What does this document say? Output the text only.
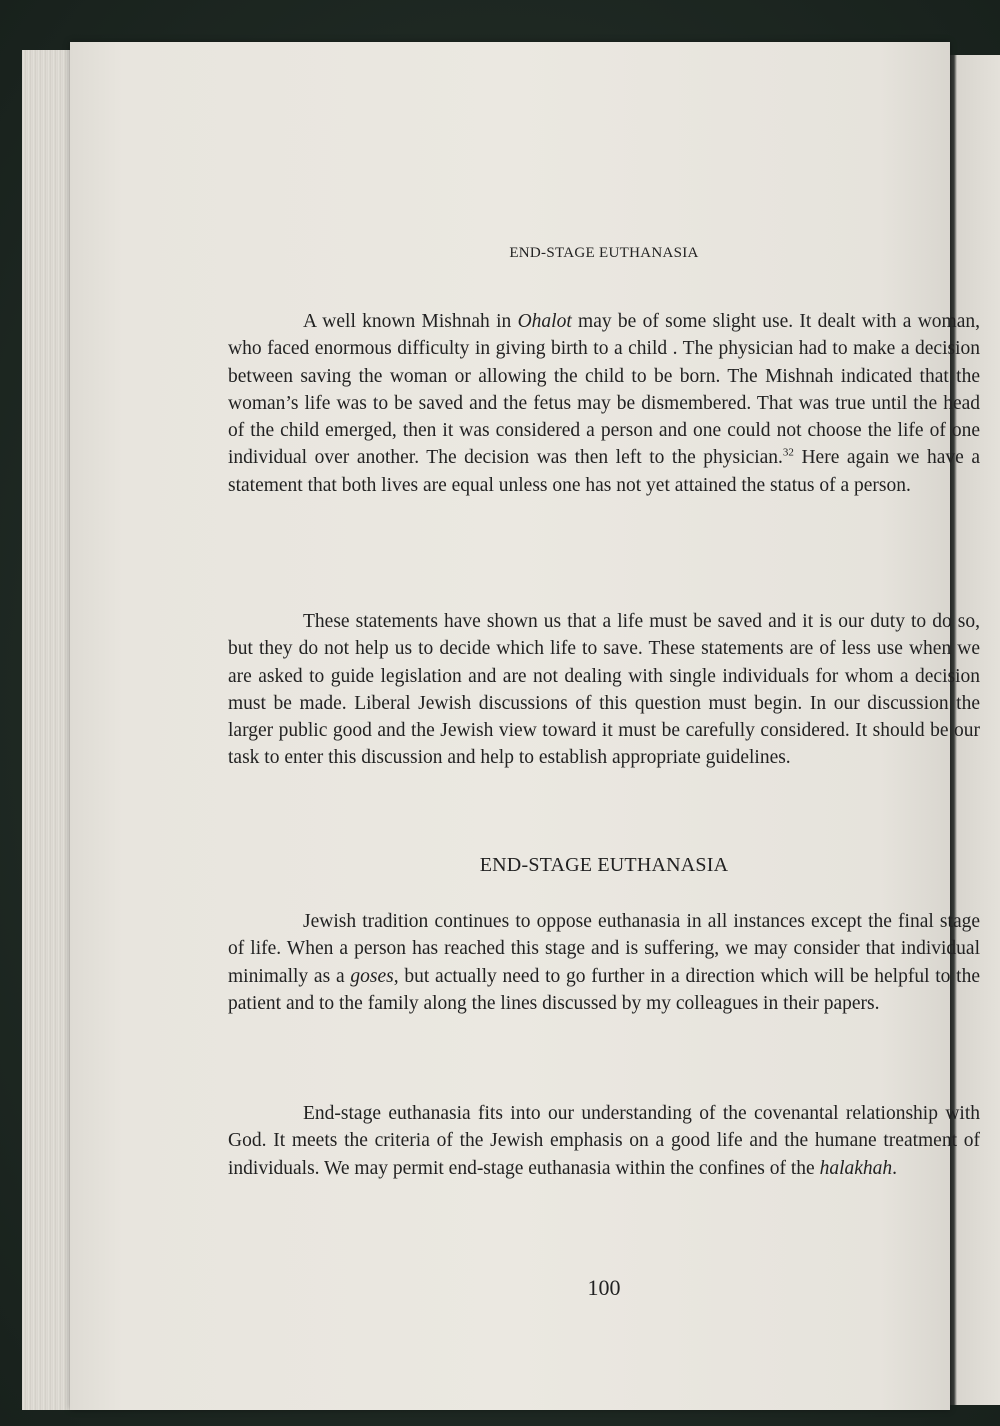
END-STAGE EUTHANASIA

A well known Mishnah in Ohalot may be of some slight use. It dealt with a woman, who faced enormous difficulty in giving birth to a child . The physician had to make a decision between saving the woman or allowing the child to be born. The Mishnah indicated that the woman’s life was to be saved and the fetus may be dismembered. That was true until the head of the child emerged, then it was considered a person and one could not choose the life of one individual over another. The decision was then left to the physician.$^{32}$ Here again we have a statement that both lives are equal unless one has not yet attained the status of a person.

These statements have shown us that a life must be saved and it is our duty to do so, but they do not help us to decide which life to save. These statements are of less use when we are asked to guide legislation and are not dealing with single individuals for whom a decision must be made. Liberal Jewish discussions of this question must begin. In our discussion the larger public good and the Jewish view toward it must be carefully considered. It should be our task to enter this discussion and help to establish appropriate guidelines.

END-STAGE EUTHANASIA

Jewish tradition continues to oppose euthanasia in all instances except the final stage of life. When a person has reached this stage and is suffering, we may consider that individual minimally as a goses, but actually need to go further in a direction which will be helpful to the patient and to the family along the lines discussed by my colleagues in their papers.

End-stage euthanasia fits into our understanding of the covenantal relationship with God. It meets the criteria of the Jewish emphasis on a good life and the humane treatment of individuals. We may permit end-stage euthanasia within the confines of the halakhah.

100
